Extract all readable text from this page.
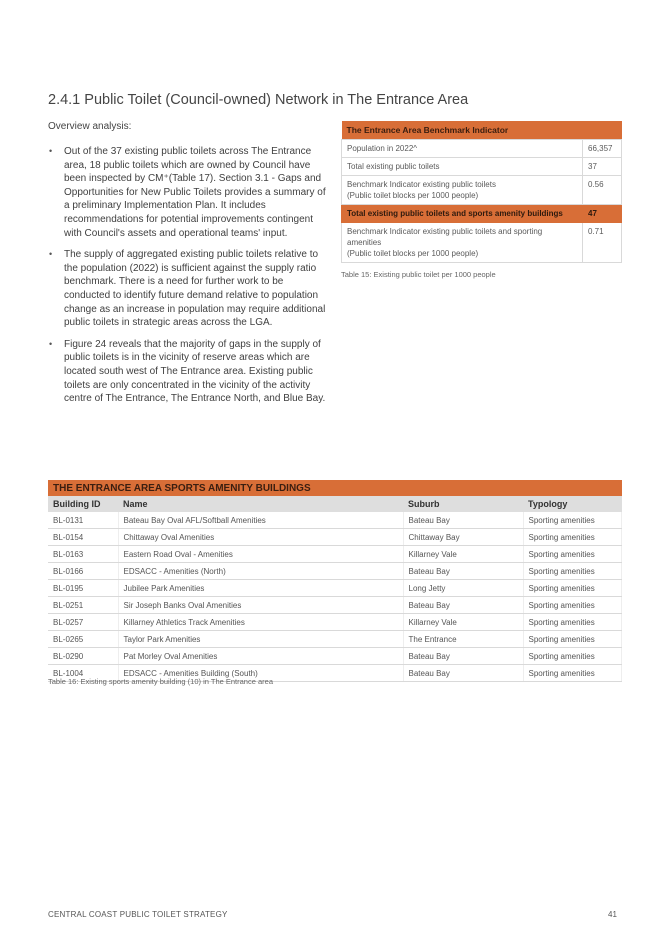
2.4.1 Public Toilet (Council-owned) Network in The Entrance Area
Overview analysis:
• Out of the 37 existing public toilets across The Entrance area, 18 public toilets which are owned by Council have been inspected by CM⁺(Table 17). Section 3.1 - Gaps and Opportunities for New Public Toilets provides a summary of a preliminary Implementation Plan. It includes recommendations for potential improvements contingent with Council's assets and operational teams' input.
• The supply of aggregated existing public toilets relative to the population (2022) is sufficient against the supply ratio benchmark. There is a need for further work to be conducted to identify future demand relative to population change as an increase in population may require additional public toilets in strategic areas across the LGA.
• Figure 24 reveals that the majority of gaps in the supply of public toilets is in the vicinity of reserve areas which are located south west of The Entrance area. Existing public toilets are only concentrated in the vicinity of the activity centre of The Entrance, The Entrance North, and Blue Bay.
The Entrance Area Benchmark Indicator	
Population in 2022^	66,357
Total existing public toilets	37

Benchmark Indicator existing public toilets
(Public toilet blocks per 1000 people)	0.56
Total existing public toilets and sports amenity buildings	47

Benchmark Indicator existing public toilets and sporting amenities
(Public toilet blocks per 1000 people)	0.71
Table 15: Existing public toilet per 1000 people
THE ENTRANCE AREA SPORTS AMENITY BUILDINGS			
Building ID	Name	Suburb	Typology
BL-0131	Bateau Bay Oval AFL/Softball Amenities	Bateau Bay	Sporting amenities
BL-0154	Chittaway Oval Amenities	Chittaway Bay	Sporting amenities
BL-0163	Eastern Road Oval - Amenities	Killarney Vale	Sporting amenities
BL-0166	EDSACC - Amenities (North)	Bateau Bay	Sporting amenities
BL-0195	Jubilee Park Amenities	Long Jetty	Sporting amenities
BL-0251	Sir Joseph Banks Oval Amenities	Bateau Bay	Sporting amenities
BL-0257	Killarney Athletics Track Amenities	Killarney Vale	Sporting amenities
BL-0265	Taylor Park Amenities	The Entrance	Sporting amenities
BL-0290	Pat Morley Oval Amenities	Bateau Bay	Sporting amenities
BL-1004	EDSACC - Amenities Building (South)	Bateau Bay	Sporting amenities
Table 16: Existing sports amenity building (10) in The Entrance area
CENTRAL COAST PUBLIC TOILET STRATEGY	41
